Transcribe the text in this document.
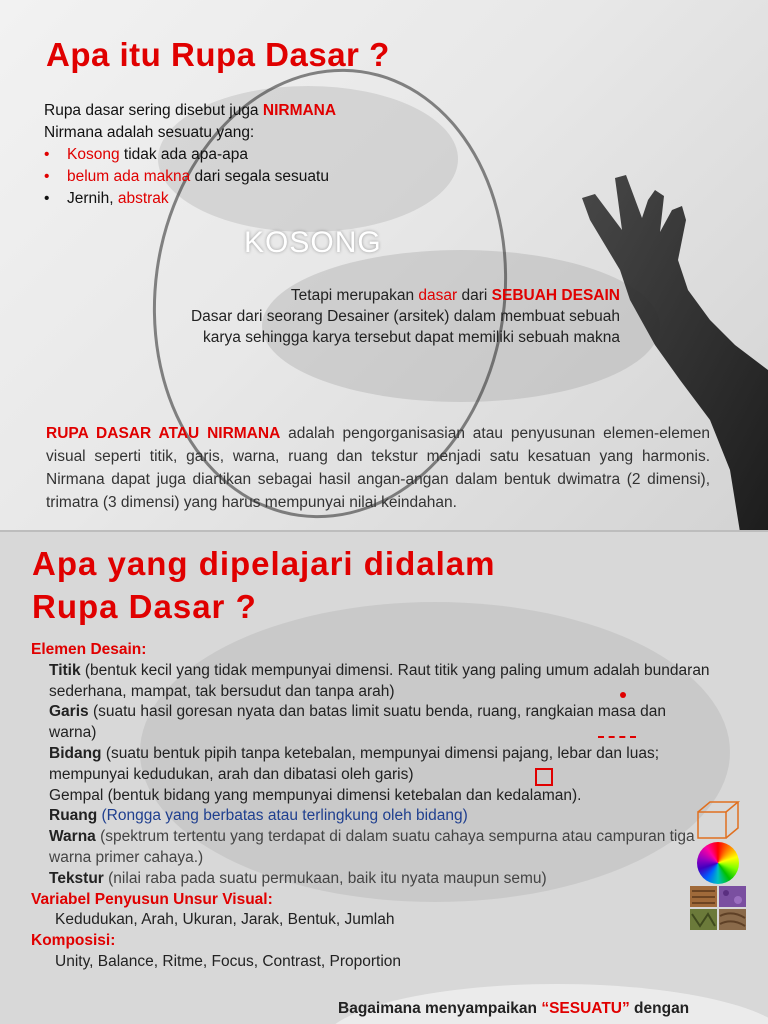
Apa itu Rupa Dasar ?
Rupa dasar sering disebut juga NIRMANA
Nirmana adalah sesuatu yang:
• Kosong tidak ada apa-apa
• belum ada makna dari segala sesuatu
• Jernih, abstrak
KOSONG
Tetapi merupakan dasar dari SEBUAH DESAIN
Dasar dari seorang Desainer (arsitek) dalam membuat sebuah
karya sehingga karya tersebut dapat memiliki sebuah makna
RUPA DASAR ATAU NIRMANA adalah pengorganisasian atau penyusunan elemen-elemen visual seperti titik, garis, warna, ruang dan tekstur menjadi satu kesatuan yang harmonis. Nirmana dapat juga diartikan sebagai hasil angan-angan dalam bentuk dwimatra (2 dimensi), trimatra (3 dimensi) yang harus mempunyai nilai keindahan.
Apa yang dipelajari didalam
Rupa Dasar ?
Elemen Desain:
Titik (bentuk kecil yang tidak mempunyai dimensi. Raut titik yang paling umum adalah bundaran sederhana, mampat, tak bersudut dan tanpa arah)
Garis (suatu hasil goresan nyata dan batas limit suatu benda, ruang, rangkaian masa dan warna)
Bidang (suatu bentuk pipih tanpa ketebalan, mempunyai dimensi pajang, lebar dan luas; mempunyai kedudukan, arah dan dibatasi oleh garis)
Gempal (bentuk bidang yang mempunyai dimensi ketebalan dan kedalaman).
Ruang (Rongga yang berbatas atau terlingkung oleh bidang)
Warna (spektrum tertentu yang terdapat di dalam suatu cahaya sempurna atau campuran tiga warna primer cahaya.)
Tekstur (nilai raba pada suatu permukaan, baik itu nyata maupun semu)
Variabel Penyusun Unsur Visual:
Kedudukan, Arah, Ukuran, Jarak, Bentuk, Jumlah
Komposisi:
Unity, Balance, Ritme, Focus, Contrast, Proportion
Bagaimana menyampaikan “SESUATU” dengan
